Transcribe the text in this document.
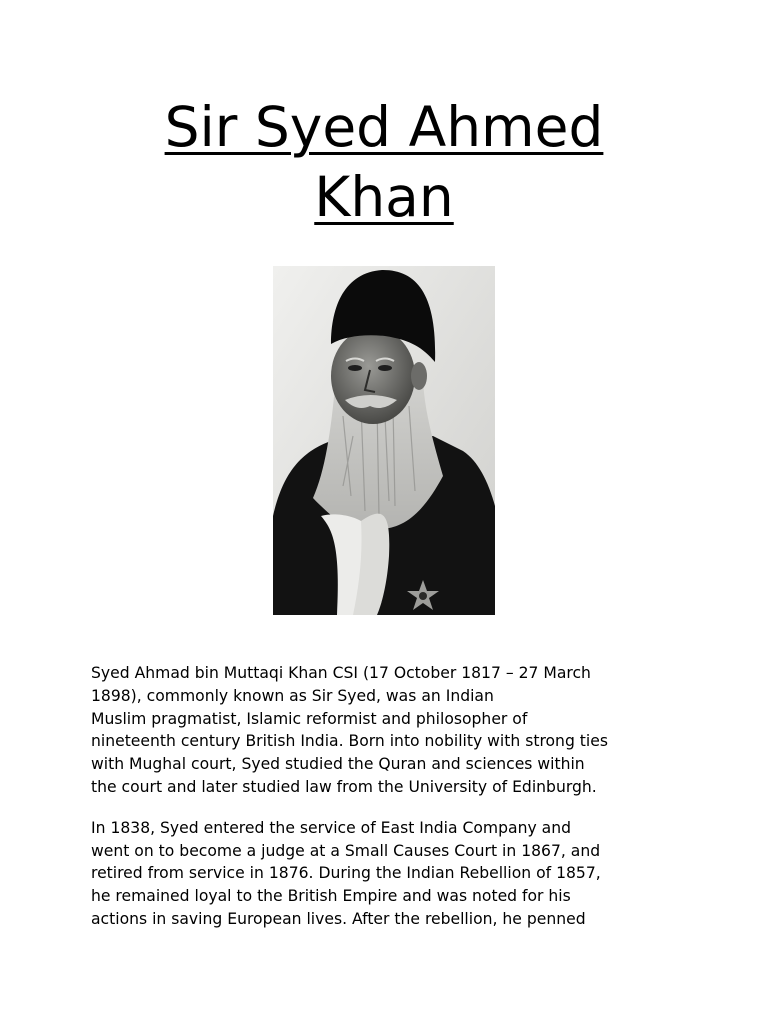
Sir Syed Ahmed
Khan

Syed Ahmad bin Muttaqi Khan CSI (17 October 1817 – 27 March
1898), commonly known as Sir Syed, was an Indian
Muslim pragmatist, Islamic reformist and philosopher of
nineteenth century British India. Born into nobility with strong ties
with Mughal court, Syed studied the Quran and sciences within
the court and later studied law from the University of Edinburgh.

In 1838, Syed entered the service of East India Company and
went on to become a judge at a Small Causes Court in 1867, and
retired from service in 1876. During the Indian Rebellion of 1857,
he remained loyal to the British Empire and was noted for his
actions in saving European lives. After the rebellion, he penned
